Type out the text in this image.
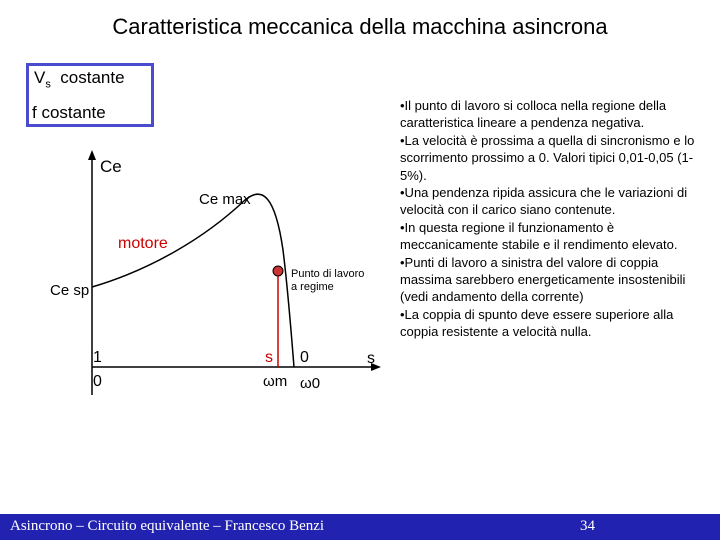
Caratteristica meccanica della macchina asincrona
$V_s$ costante
f costante
Ce
Ce max
motore
Ce sp
Punto di lavoro
a regime
1	s 0	s
0	ωm ω0

•Il punto di lavoro si colloca nella regione della caratteristica lineare a pendenza negativa.

•La velocità è prossima a quella di sincronismo e lo scorrimento prossimo a 0. Valori tipici 0,01-0,05 (1-5%).

•Una pendenza ripida assicura che le variazioni di velocità con il carico siano contenute.

•In questa regione il funzionamento è meccanicamente stabile e il rendimento elevato.

•Punti di lavoro a sinistra del valore di coppia massima sarebbero energeticamente insostenibili (vedi andamento della corrente)

•La coppia di spunto deve essere superiore alla coppia resistente a velocità nulla.

Asincrono – Circuito equivalente – Francesco Benzi	34
